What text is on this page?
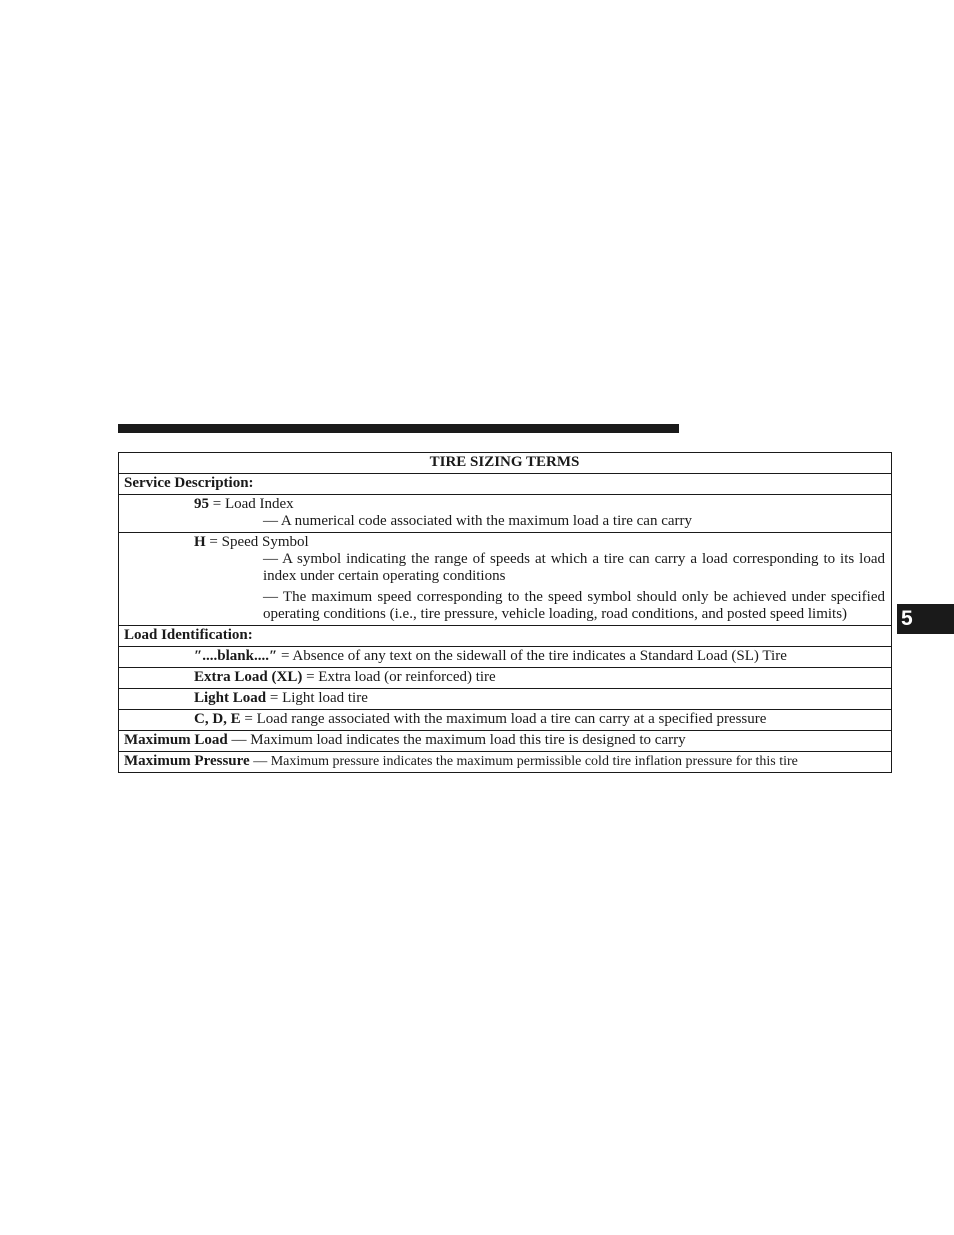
5
TIRE SIZING TERMS
Service Description:

95 = Load Index
— A numerical code associated with the maximum load a tire can carry

H = Speed Symbol

— A symbol indicating the range of speeds at which a tire can carry a load corresponding to its load index under certain operating conditions

— The maximum speed corresponding to the speed symbol should only be achieved under specified operating conditions (i.e., tire pressure, vehicle loading, road conditions, and posted speed limits)

Load Identification:

″....blank....″ = Absence of any text on the sidewall of the tire indicates a Standard Load (SL) Tire

Extra Load (XL) = Extra load (or reinforced) tire

Light Load = Light load tire

C, D, E = Load range associated with the maximum load a tire can carry at a specified pressure

Maximum Load — Maximum load indicates the maximum load this tire is designed to carry
Maximum Pressure — Maximum pressure indicates the maximum permissible cold tire inflation pressure for this tire
